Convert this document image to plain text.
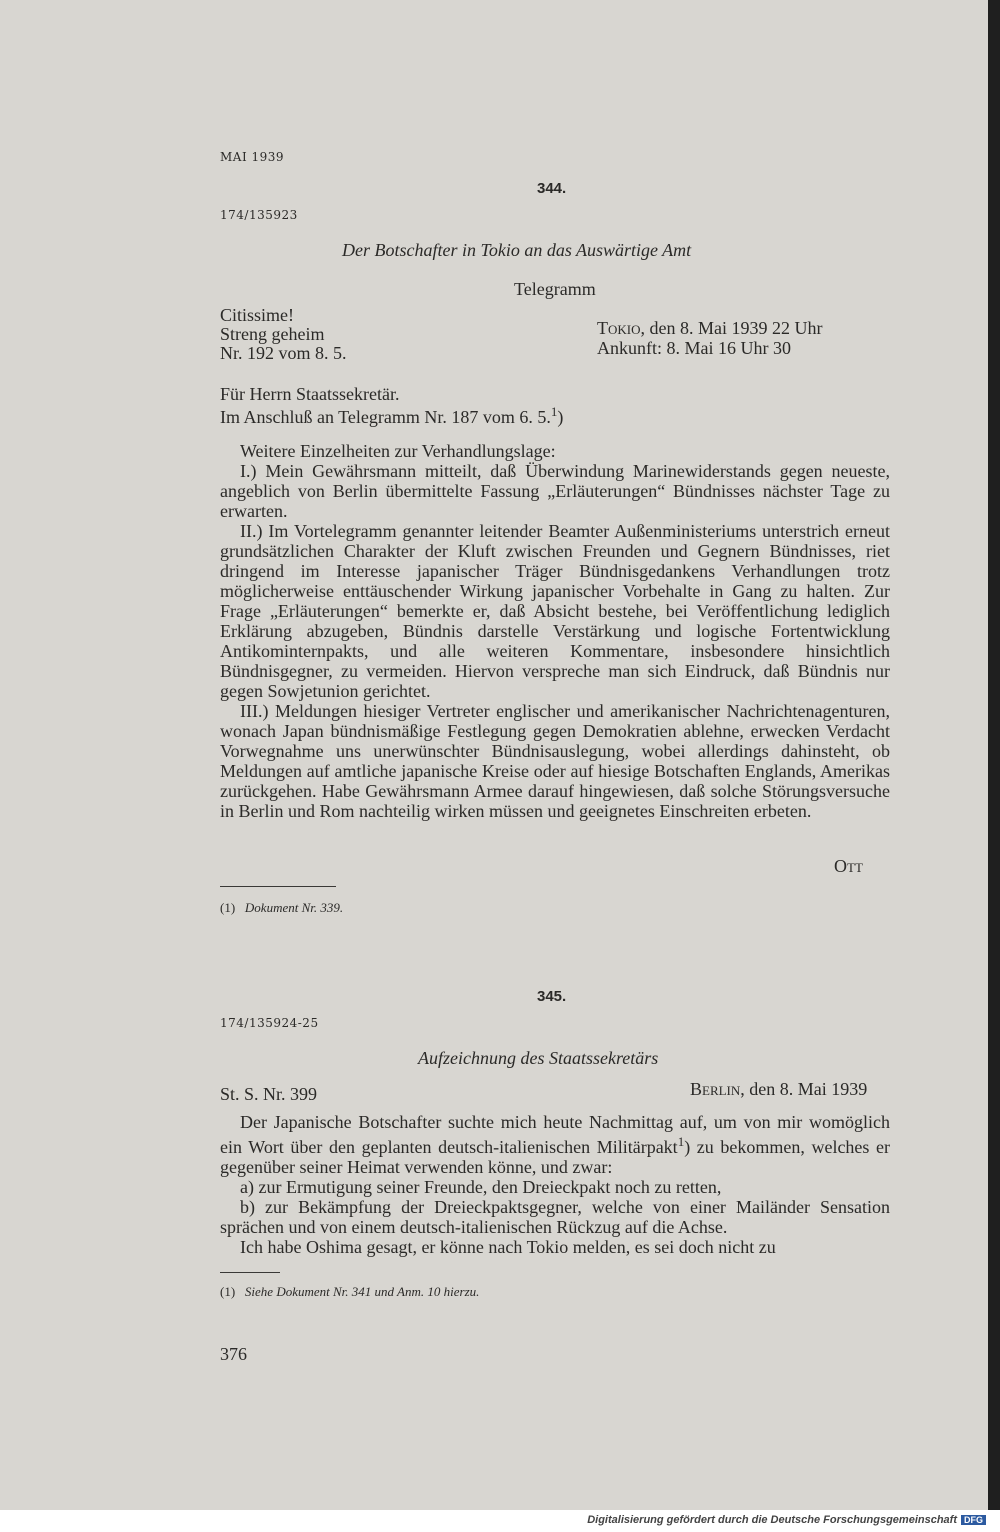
MAI 1939
344.
174/135923
Der Botschafter in Tokio an das Auswärtige Amt
Telegramm
Citissime!
Streng geheim
Nr. 192 vom 8. 5.
Tokio, den 8. Mai 1939 22 Uhr
Ankunft: 8. Mai 16 Uhr 30
Für Herrn Staatssekretär.
Im Anschluß an Telegramm Nr. 187 vom 6. 5.$^1$)

Weitere Einzelheiten zur Verhandlungslage:

I.) Mein Gewährsmann mitteilt, daß Überwindung Marinewiderstands gegen neueste, angeblich von Berlin übermittelte Fassung „Erläuterungen“ Bündnisses nächster Tage zu erwarten.

II.) Im Vortelegramm genannter leitender Beamter Außenministeriums unterstrich erneut grundsätzlichen Charakter der Kluft zwischen Freunden und Gegnern Bündnisses, riet dringend im Interesse japanischer Träger Bündnisgedankens Verhandlungen trotz möglicherweise enttäuschender Wirkung japanischer Vorbehalte in Gang zu halten. Zur Frage „Erläuterungen“ bemerkte er, daß Absicht bestehe, bei Veröffentlichung lediglich Erklärung abzugeben, Bündnis darstelle Verstärkung und logische Fortentwicklung Antikominternpakts, und alle weiteren Kommentare, insbesondere hinsichtlich Bündnisgegner, zu vermeiden. Hiervon verspreche man sich Eindruck, daß Bündnis nur gegen Sowjetunion gerichtet.

III.) Meldungen hiesiger Vertreter englischer und amerikanischer Nachrichtenagenturen, wonach Japan bündnismäßige Festlegung gegen Demokratien ablehne, erwecken Verdacht Vorwegnahme uns unerwünschter Bündnisauslegung, wobei allerdings dahinsteht, ob Meldungen auf amtliche japanische Kreise oder auf hiesige Botschaften Englands, Amerikas zurückgehen. Habe Gewährsmann Armee darauf hingewiesen, daß solche Störungsversuche in Berlin und Rom nachteilig wirken müssen und geeignetes Einschreiten erbeten.

Ott
(1) Dokument Nr. 339.
345.
174/135924-25
Aufzeichnung des Staatssekretärs
St. S. Nr. 399	Berlin, den 8. Mai 1939

Der Japanische Botschafter suchte mich heute Nachmittag auf, um von mir womöglich ein Wort über den geplanten deutsch-italienischen Militärpakt$^1$) zu bekommen, welches er gegenüber seiner Heimat verwenden könne, und zwar:

a) zur Ermutigung seiner Freunde, den Dreieckpakt noch zu retten,

b) zur Bekämpfung der Dreieckpaktsgegner, welche von einer Mailänder Sensation sprächen und von einem deutsch-italienischen Rückzug auf die Achse.

Ich habe Oshima gesagt, er könne nach Tokio melden, es sei doch nicht zu

(1) Siehe Dokument Nr. 341 und Anm. 10 hierzu.
376
Digitalisierung gefördert durch die Deutsche Forschungsgemeinschaft DFG
